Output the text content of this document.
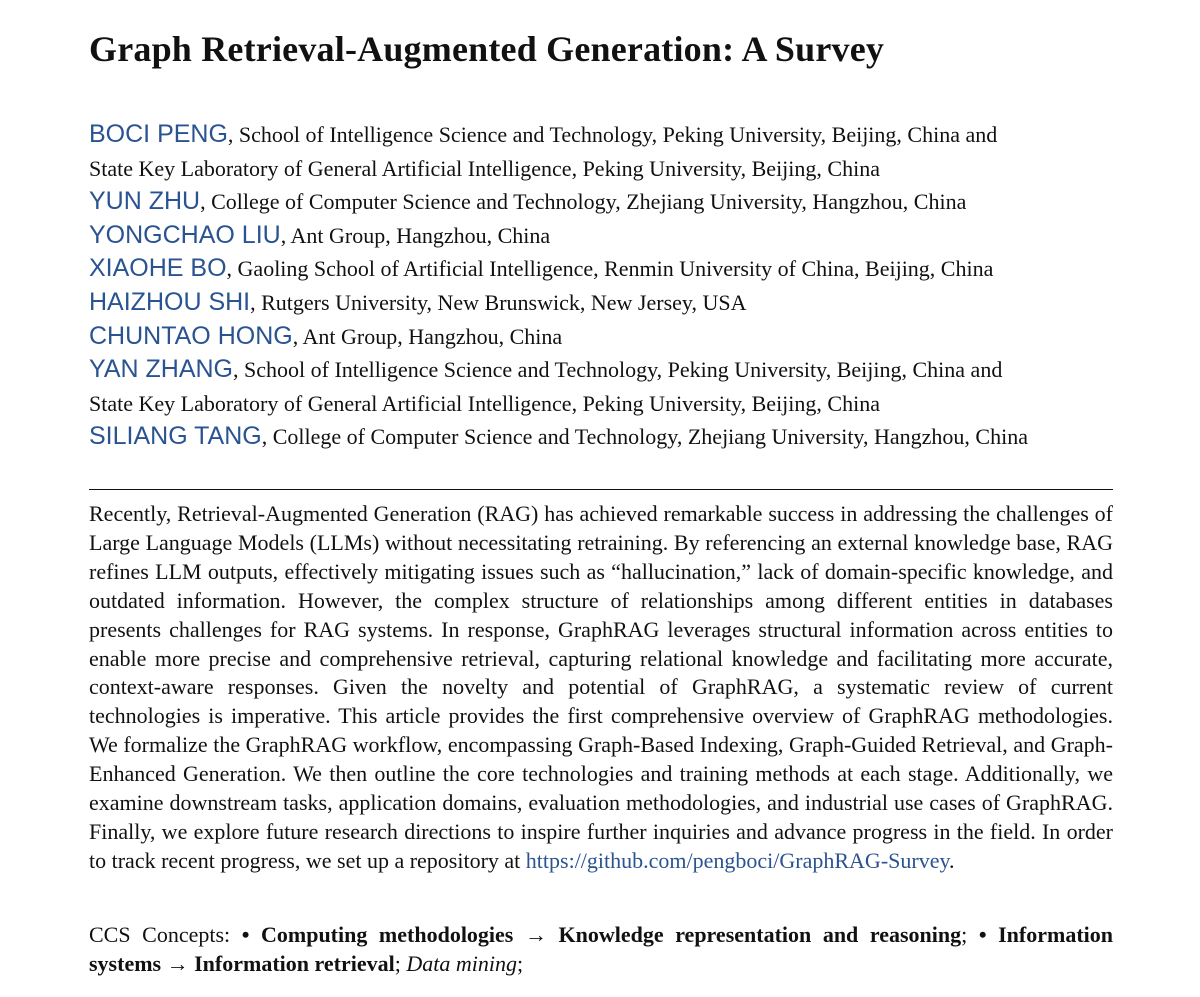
Graph Retrieval-Augmented Generation: A Survey
BOCI PENG, School of Intelligence Science and Technology, Peking University, Beijing, China and
State Key Laboratory of General Artificial Intelligence, Peking University, Beijing, China
YUN ZHU, College of Computer Science and Technology, Zhejiang University, Hangzhou, China
YONGCHAO LIU, Ant Group, Hangzhou, China
XIAOHE BO, Gaoling School of Artificial Intelligence, Renmin University of China, Beijing, China
HAIZHOU SHI, Rutgers University, New Brunswick, New Jersey, USA
CHUNTAO HONG, Ant Group, Hangzhou, China
YAN ZHANG, School of Intelligence Science and Technology, Peking University, Beijing, China and
State Key Laboratory of General Artificial Intelligence, Peking University, Beijing, China
SILIANG TANG, College of Computer Science and Technology, Zhejiang University, Hangzhou, China

Recently, Retrieval-Augmented Generation (RAG) has achieved remarkable success in addressing the challenges of Large Language Models (LLMs) without necessitating retraining. By referencing an external knowledge base, RAG refines LLM outputs, effectively mitigating issues such as “hallucination,” lack of domain-specific knowledge, and outdated information. However, the complex structure of relationships among different entities in databases presents challenges for RAG systems. In response, GraphRAG leverages structural information across entities to enable more precise and comprehensive retrieval, capturing relational knowledge and facilitating more accurate, context-aware responses. Given the novelty and potential of GraphRAG, a systematic review of current technologies is imperative. This article provides the first comprehensive overview of GraphRAG methodologies. We formalize the GraphRAG workflow, encompassing Graph-Based Indexing, Graph-Guided Retrieval, and Graph-Enhanced Generation. We then outline the core technologies and training methods at each stage. Additionally, we examine downstream tasks, application domains, evaluation methodologies, and industrial use cases of GraphRAG. Finally, we explore future research directions to inspire further inquiries and advance progress in the field. In order to track recent progress, we set up a repository at https://github.com/pengboci/GraphRAG-Survey.

CCS Concepts: • Computing methodologies → Knowledge representation and reasoning; • Information systems → Information retrieval; Data mining;
